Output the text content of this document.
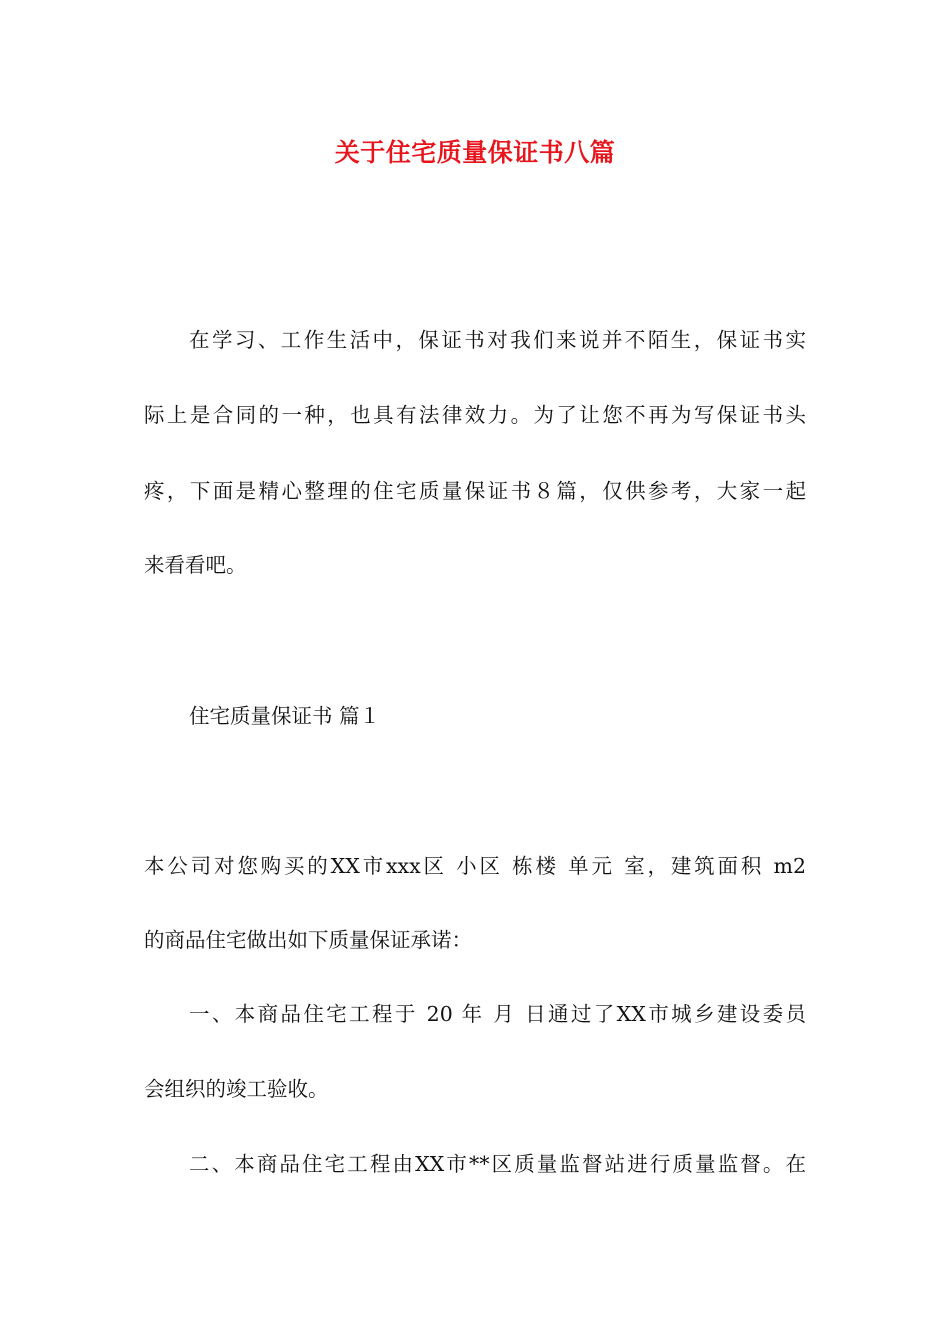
关于住宅质量保证书八篇
在学习、工作生活中，保证书对我们来说并不陌生，保证书实
际上是合同的一种，也具有法律效力。为了让您不再为写保证书头
疼，下面是精心整理的住宅质量保证书８篇，仅供参考，大家一起
来看看吧。
住宅质量保证书 篇１
本公司对您购买的XX市xxx区 小区 栋楼 单元 室，建筑面积 m2
的商品住宅做出如下质量保证承诺：
一、本商品住宅工程于 20 年 月 日通过了XX市城乡建设委员
会组织的竣工验收。
二、本商品住宅工程由XX市**区质量监督站进行质量监督。在
